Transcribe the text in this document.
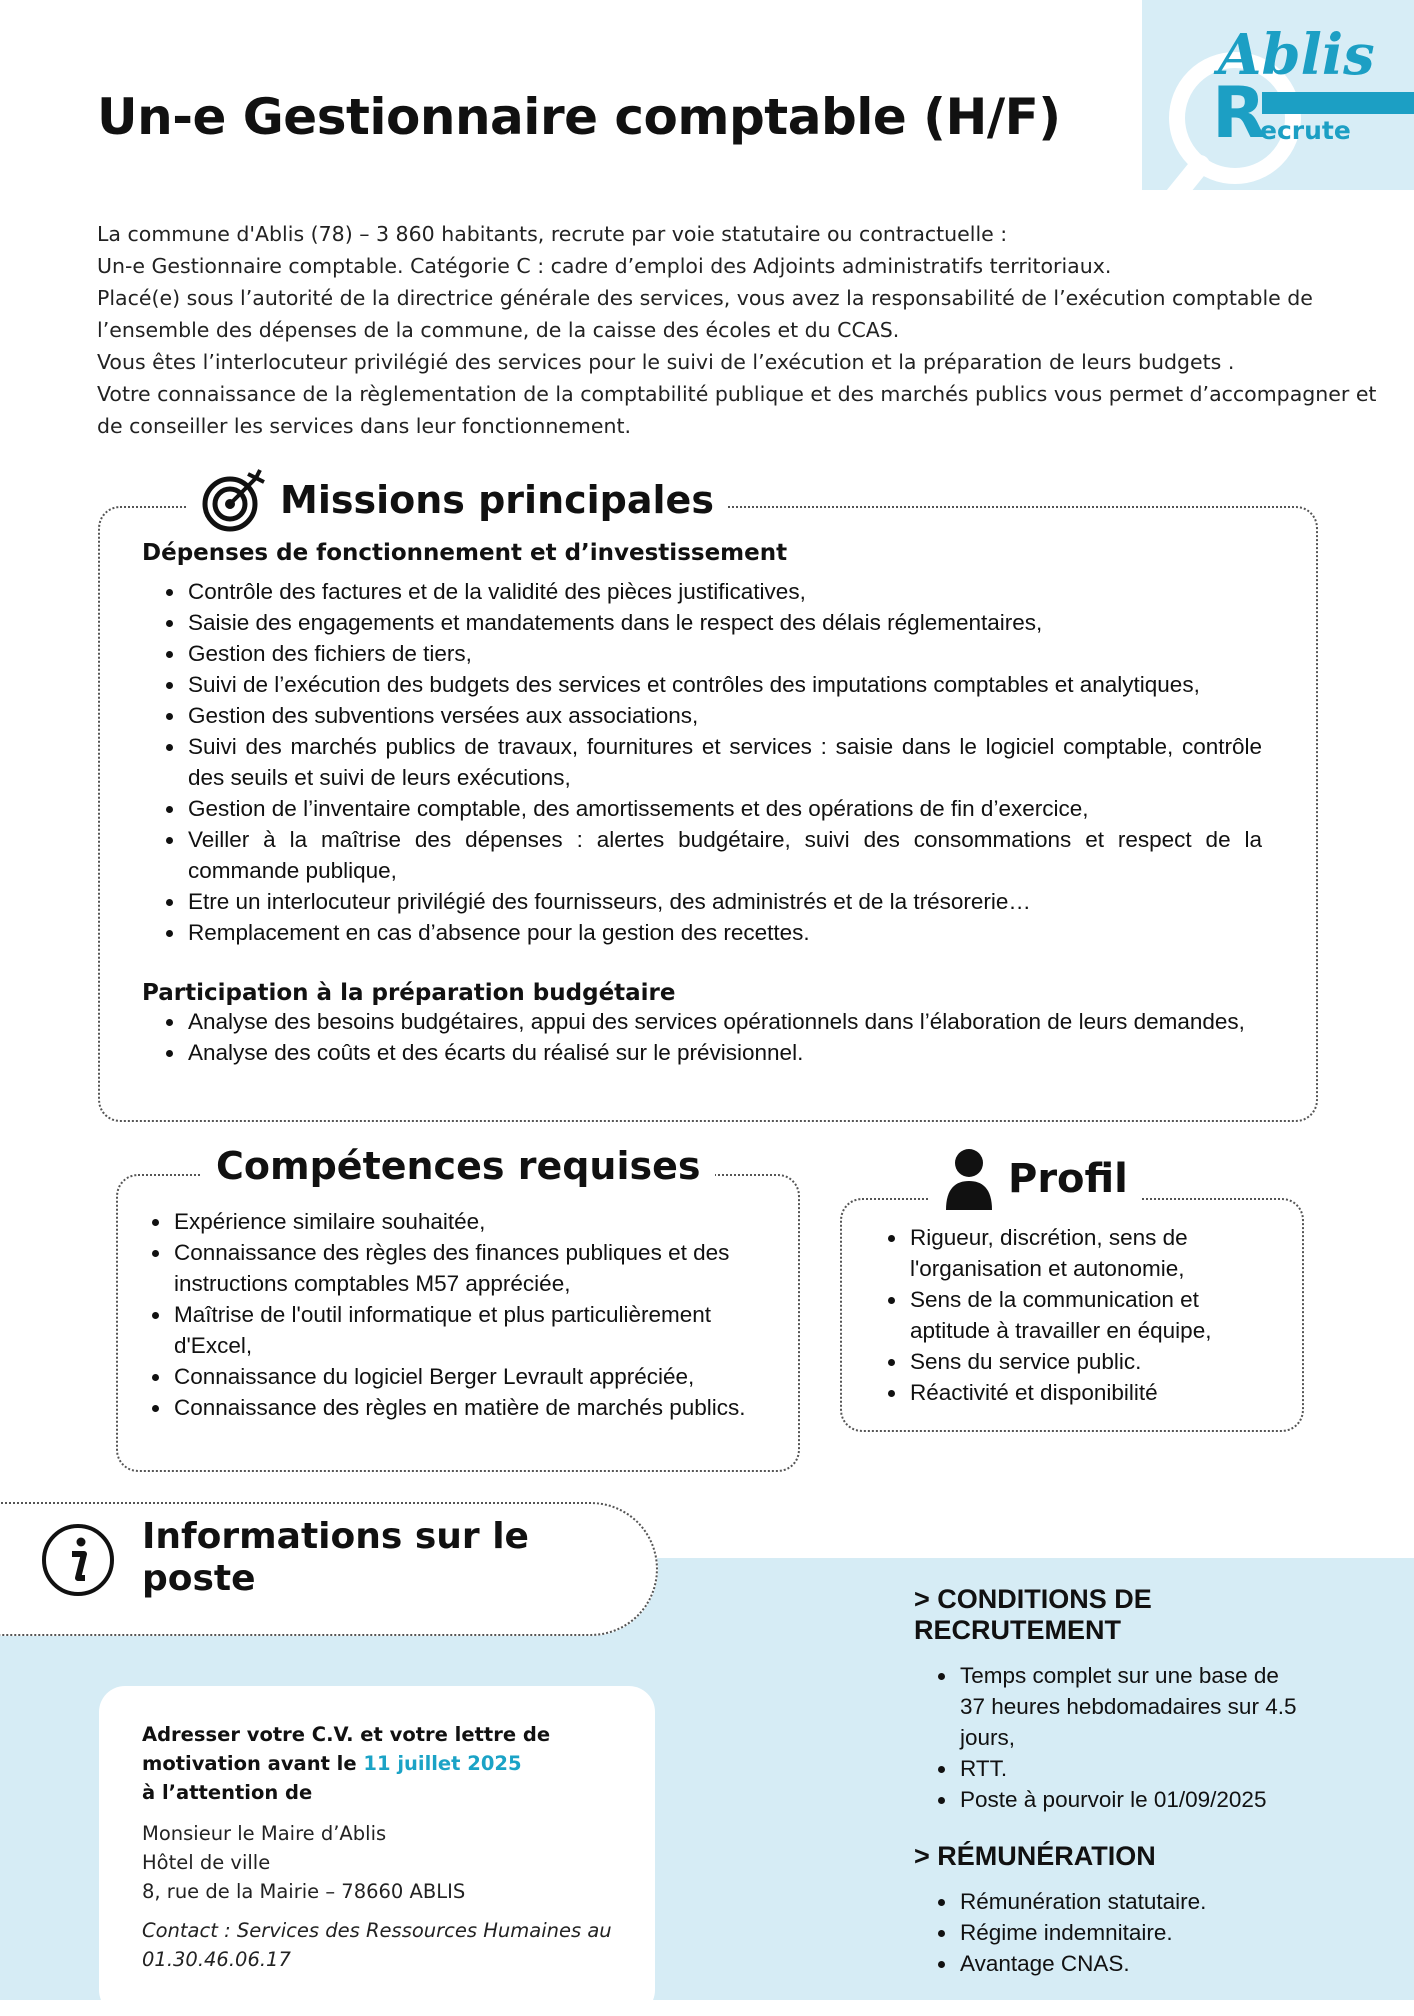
Ablis
R
ecrute
Un-e Gestionnaire comptable (H/F)

La commune d'Ablis (78) – 3 860 habitants, recrute par voie statutaire ou contractuelle :

Un-e Gestionnaire comptable. Catégorie C : cadre d’emploi des Adjoints administratifs territoriaux.

Placé(e) sous l’autorité de la directrice générale des services, vous avez la responsabilité de l’exécution comptable de l’ensemble des dépenses de la commune, de la caisse des écoles et du CCAS.

Vous êtes l’interlocuteur privilégié des services pour le suivi de l’exécution et la préparation de leurs budgets .

Votre connaissance de la règlementation de la comptabilité publique et des marchés publics vous permet d’accompagner et de conseiller les services dans leur fonctionnement.

Missions principales

Dépenses de fonctionnement et d’investissement

• Contrôle des factures et de la validité des pièces justificatives,
• Saisie des engagements et mandatements dans le respect des délais réglementaires,
• Gestion des fichiers de tiers,
• Suivi de l’exécution des budgets des services et contrôles des imputations comptables et analytiques,
• Gestion des subventions versées aux associations,
• Suivi des marchés publics de travaux, fournitures et services : saisie dans le logiciel comptable, contrôle des seuils et suivi de leurs exécutions,
• Gestion de l’inventaire comptable, des amortissements et des opérations de fin d’exercice,
• Veiller à la maîtrise des dépenses : alertes budgétaire, suivi des consommations et respect de la commande publique,
• Etre un interlocuteur privilégié des fournisseurs, des administrés et de la trésorerie…
• Remplacement en cas d’absence pour la gestion des recettes.

Participation à la préparation budgétaire

• Analyse des besoins budgétaires, appui des services opérationnels dans l’élaboration de leurs demandes,
• Analyse des coûts et des écarts du réalisé sur le prévisionnel.
Compétences requises
• Expérience similaire souhaitée,
• Connaissance des règles des finances publiques et des instructions comptables M57 appréciée,
• Maîtrise de l'outil informatique et plus particulièrement d'Excel,
• Connaissance du logiciel Berger Levrault appréciée,
• Connaissance des règles en matière de marchés publics.
Profil
• Rigueur, discrétion, sens de l'organisation et autonomie,
• Sens de la communication et aptitude à travailler en équipe,
• Sens du service public.
• Réactivité et disponibilité
Informations sur le poste
Adresser votre C.V. et votre lettre de motivation avant le 11 juillet 2025
à l’attention de
Monsieur le Maire d’Ablis
Hôtel de ville
8, rue de la Mairie – 78660 ABLIS
Contact : Services des Ressources Humaines au 01.30.46.06.17

> CONDITIONS DE RECRUTEMENT

• Temps complet sur une base de 37 heures hebdomadaires sur 4.5 jours,
• RTT.
• Poste à pourvoir le 01/09/2025

> RÉMUNÉRATION

• Rémunération statutaire.
• Régime indemnitaire.
• Avantage CNAS.
